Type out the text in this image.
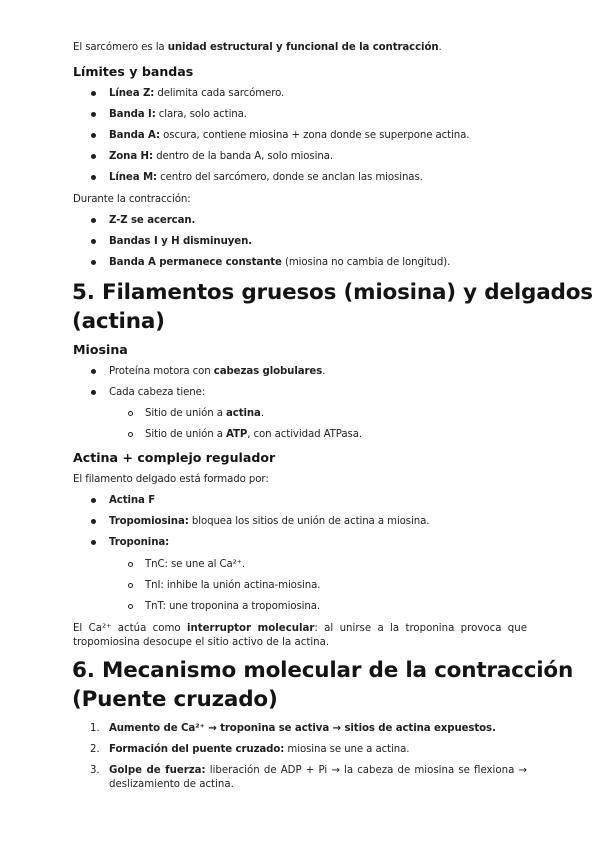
El sarcómero es la unidad estructural y funcional de la contracción.
Límites y bandas
Línea Z: delimita cada sarcómero.
Banda I: clara, solo actina.
Banda A: oscura, contiene miosina + zona donde se superpone actina.
Zona H: dentro de la banda A, solo miosina.
Línea M: centro del sarcómero, donde se anclan las miosinas.
Durante la contracción:
Z-Z se acercan.
Bandas I y H disminuyen.
Banda A permanece constante (miosina no cambia de longitud).
5. Filamentos gruesos (miosina) y delgados
(actina)
Miosina
Proteína motora con cabezas globulares.
Cada cabeza tiene:
Sitio de unión a actina.
Sitio de unión a ATP, con actividad ATPasa.
Actina + complejo regulador
El filamento delgado está formado por:
Actina F
Tropomiosina: bloquea los sitios de unión de actina a miosina.
Troponina:
TnC: se une al Ca²⁺.
TnI: inhibe la unión actina-miosina.
TnT: une troponina a tropomiosina.
El Ca²⁺ actúa como interruptor molecular: al unirse a la troponina provoca que tropomiosina desocupe el sitio activo de la actina.
6. Mecanismo molecular de la contracción
(Puente cruzado)
1. Aumento de Ca²⁺ → troponina se activa → sitios de actina expuestos.
2. Formación del puente cruzado: miosina se une a actina.
3. Golpe de fuerza: liberación de ADP + Pi → la cabeza de miosina se flexiona → deslizamiento de actina.
